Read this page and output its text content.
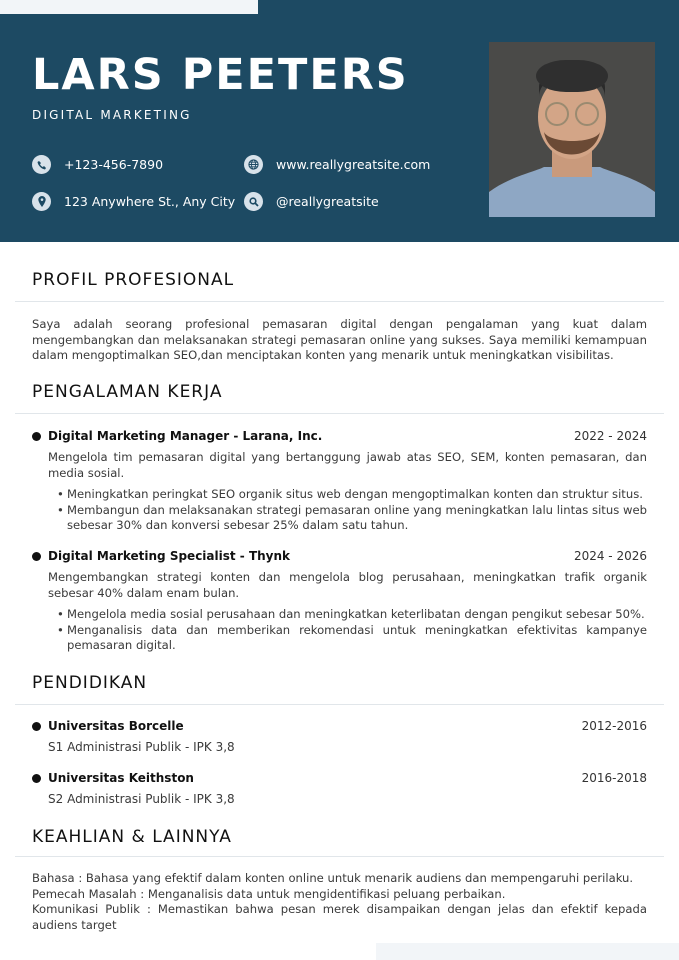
LARS PEETERS
DIGITAL MARKETING
+123-456-7890	www.reallygreatsite.com
123 Anywhere St., Any City	@reallygreatsite
PROFIL PROFESIONAL
Saya adalah seorang profesional pemasaran digital dengan pengalaman yang kuat dalam mengembangkan dan melaksanakan strategi pemasaran online yang sukses. Saya memiliki kemampuan dalam mengoptimalkan SEO,dan menciptakan konten yang menarik untuk meningkatkan visibilitas.
PENGALAMAN KERJA
Digital Marketing Manager - Larana, Inc.	2022 - 2024
Mengelola tim pemasaran digital yang bertanggung jawab atas SEO, SEM, konten pemasaran, dan media sosial.
• Meningkatkan peringkat SEO organik situs web dengan mengoptimalkan konten dan struktur situs.
• Membangun dan melaksanakan strategi pemasaran online yang meningkatkan lalu lintas situs web sebesar 30% dan konversi sebesar 25% dalam satu tahun.
Digital Marketing Specialist - Thynk	2024 - 2026
Mengembangkan strategi konten dan mengelola blog perusahaan, meningkatkan trafik organik sebesar 40% dalam enam bulan.
• Mengelola media sosial perusahaan dan meningkatkan keterlibatan dengan pengikut sebesar 50%.
• Menganalisis data dan memberikan rekomendasi untuk meningkatkan efektivitas kampanye pemasaran digital.
PENDIDIKAN
Universitas Borcelle	2012-2016
S1 Administrasi Publik - IPK 3,8
Universitas Keithston	2016-2018
S2 Administrasi Publik - IPK 3,8
KEAHLIAN & LAINNYA
Bahasa : Bahasa yang efektif dalam konten online untuk menarik audiens dan mempengaruhi perilaku.
Pemecah Masalah : Menganalisis data untuk mengidentifikasi peluang perbaikan.
Komunikasi Publik : Memastikan bahwa pesan merek disampaikan dengan jelas dan efektif kepada audiens target
